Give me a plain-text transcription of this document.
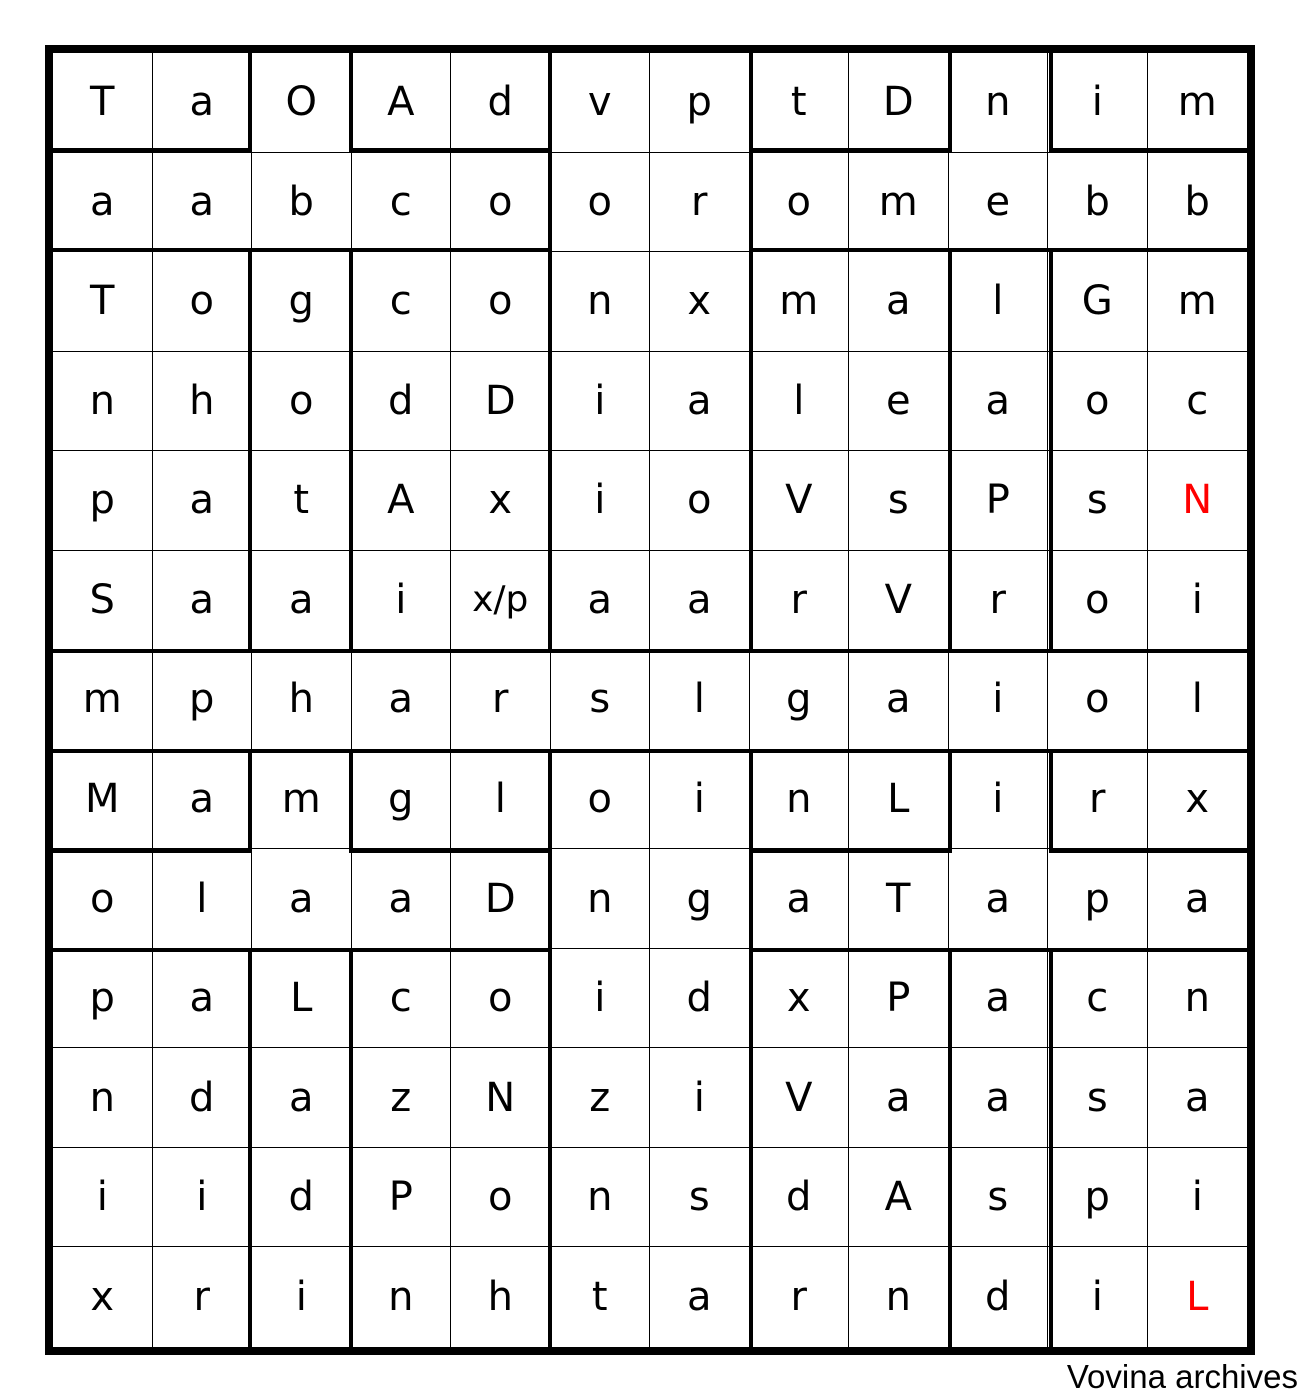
T	a	O	A	d	v	p	t	D	n	i	m
a	a	b	c	o	o	r	o	m	e	b	b
T	o	g	c	o	n	x	m	a	l	G	m
n	h	o	d	D	i	a	l	e	a	o	c
p	a	t	A	x	i	o	V	s	P	s	N
S	a	a	i	x/p	a	a	r	V	r	o	i
m	p	h	a	r	s	l	g	a	i	o	l
M	a	m	g	l	o	i	n	L	i	r	x
o	l	a	a	D	n	g	a	T	a	p	a
p	a	L	c	o	i	d	x	P	a	c	n
n	d	a	z	N	z	i	V	a	a	s	a
i	i	d	P	o	n	s	d	A	s	p	i
x	r	i	n	h	t	a	r	n	d	i	L
Vovina archives
